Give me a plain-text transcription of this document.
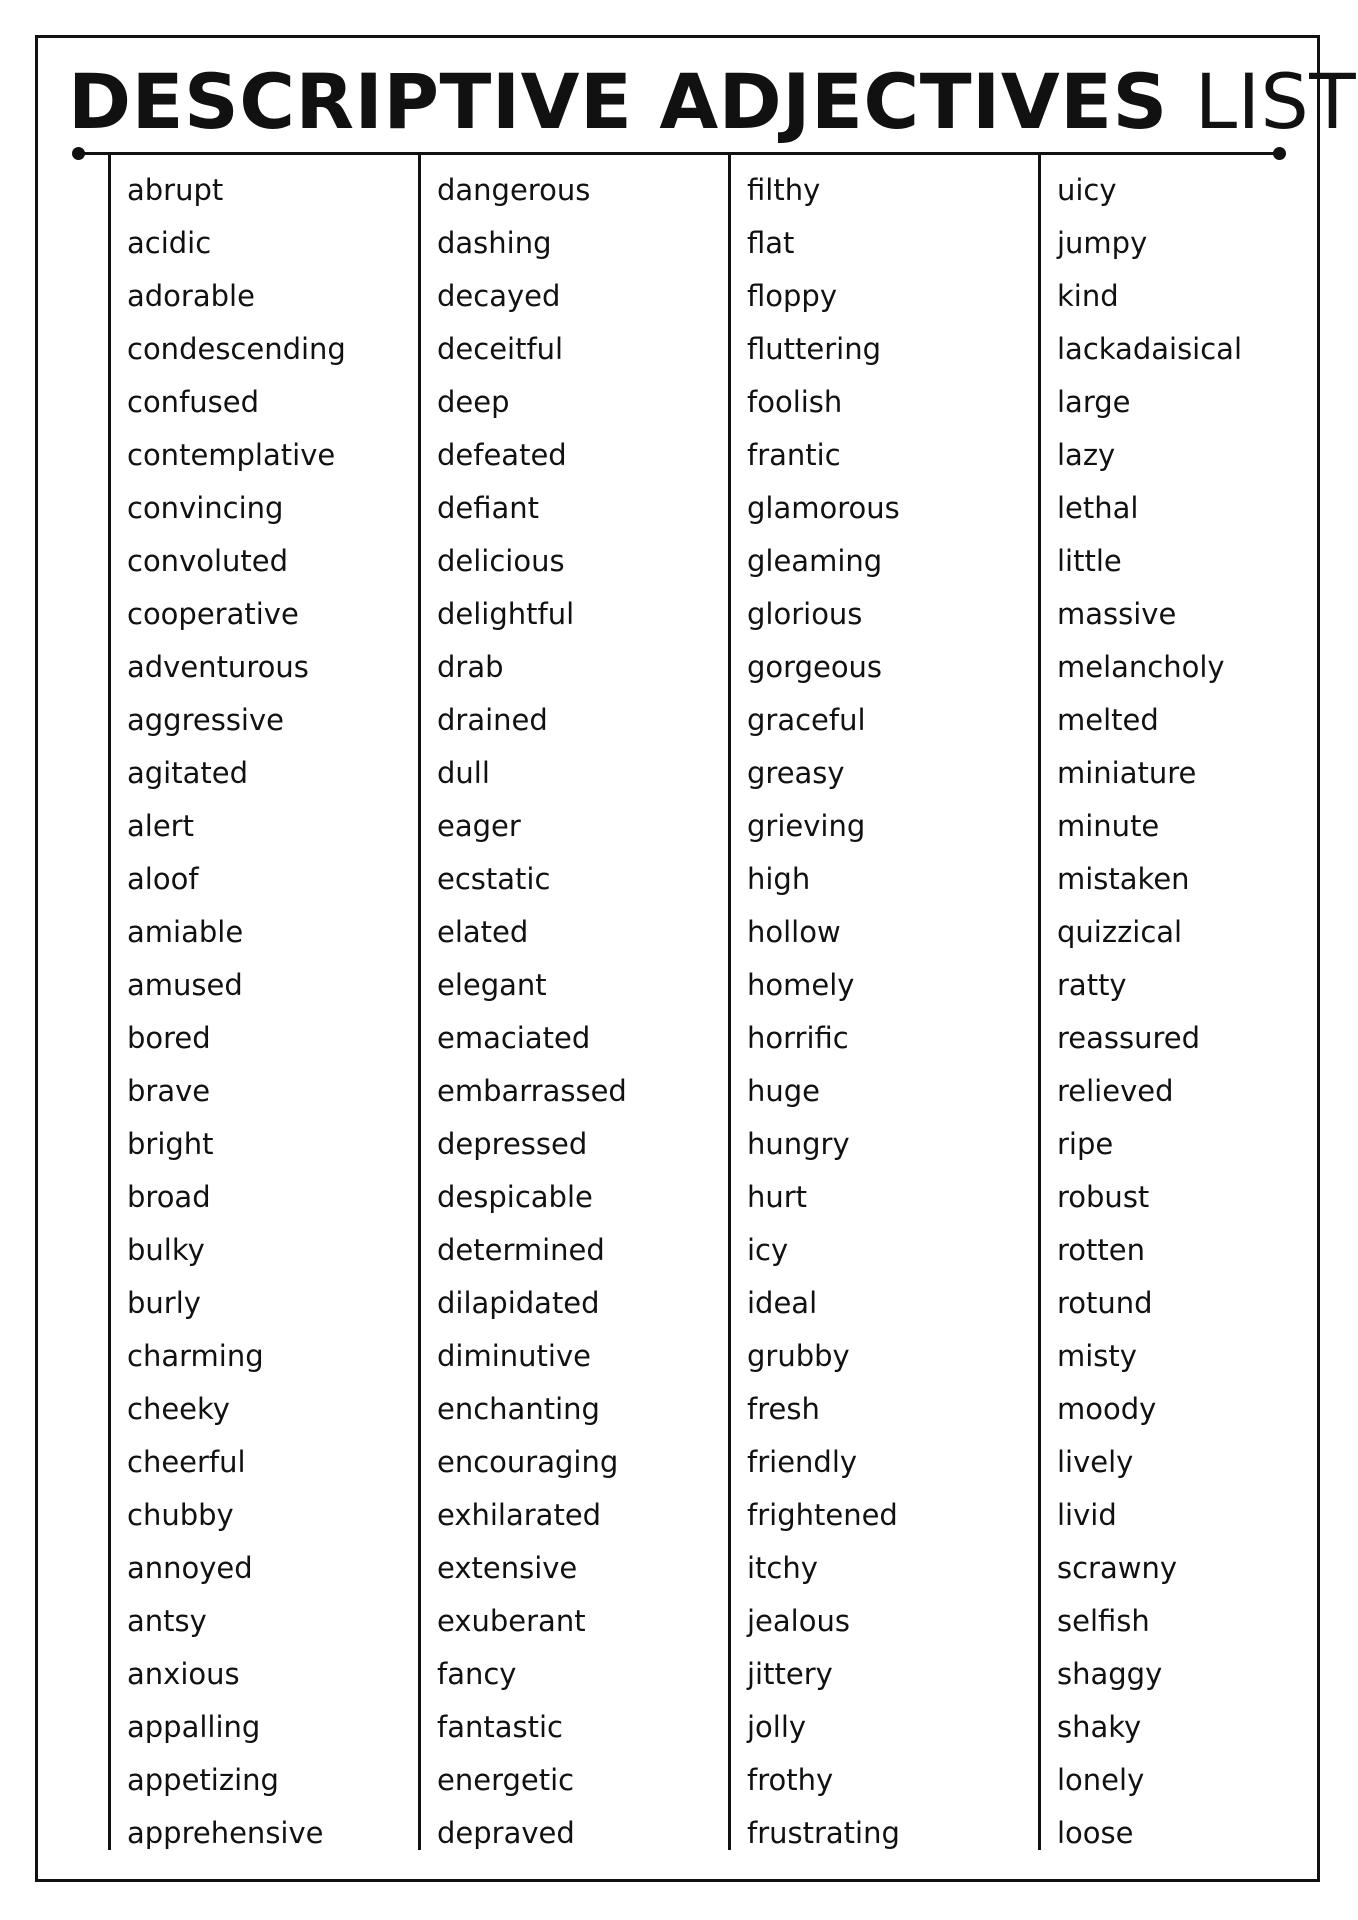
DESCRIPTIVE ADJECTIVES LIST
abrupt
acidic
adorable
condescending
confused
contemplative
convincing
convoluted
cooperative
adventurous
aggressive
agitated
alert
aloof
amiable
amused
bored
brave
bright
broad
bulky
burly
charming
cheeky
cheerful
chubby
annoyed
antsy
anxious
appalling
appetizing
apprehensive
dangerous
dashing
decayed
deceitful
deep
defeated
defiant
delicious
delightful
drab
drained
dull
eager
ecstatic
elated
elegant
emaciated
embarrassed
depressed
despicable
determined
dilapidated
diminutive
enchanting
encouraging
exhilarated
extensive
exuberant
fancy
fantastic
energetic
depraved
filthy
flat
floppy
fluttering
foolish
frantic
glamorous
gleaming
glorious
gorgeous
graceful
greasy
grieving
high
hollow
homely
horrific
huge
hungry
hurt
icy
ideal
grubby
fresh
friendly
frightened
itchy
jealous
jittery
jolly
frothy
frustrating
uicy
jumpy
kind
lackadaisical
large
lazy
lethal
little
massive
melancholy
melted
miniature
minute
mistaken
quizzical
ratty
reassured
relieved
ripe
robust
rotten
rotund
misty
moody
lively
livid
scrawny
selfish
shaggy
shaky
lonely
loose
